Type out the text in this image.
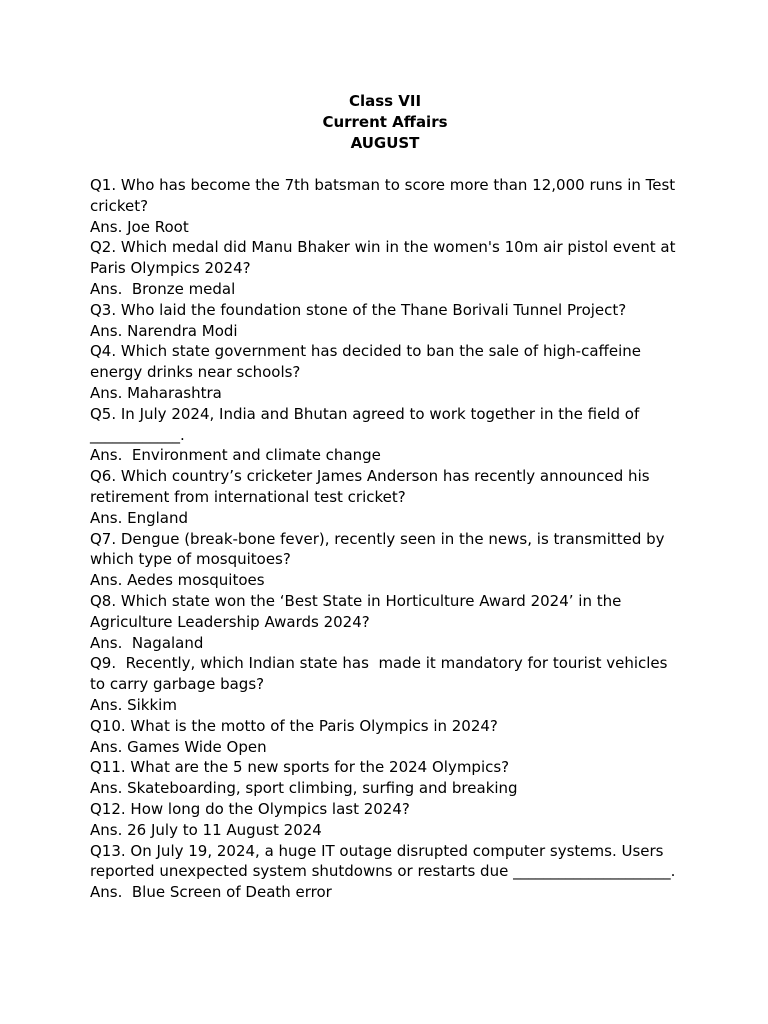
Class VII
Current Affairs
AUGUST
Q1. Who has become the 7th batsman to score more than 12,000 runs in Test cricket?
Ans. Joe Root
Q2. Which medal did Manu Bhaker win in the women's 10m air pistol event at Paris Olympics 2024?
Ans.  Bronze medal
Q3. Who laid the foundation stone of the Thane Borivali Tunnel Project?
Ans. Narendra Modi
Q4. Which state government has decided to ban the sale of high-caffeine energy drinks near schools?
Ans. Maharashtra
Q5. In July 2024, India and Bhutan agreed to work together in the field of ____________.
Ans.  Environment and climate change
Q6. Which country’s cricketer James Anderson has recently announced his retirement from international test cricket?
Ans. England
Q7. Dengue (break-bone fever), recently seen in the news, is transmitted by which type of mosquitoes?
Ans. Aedes mosquitoes
Q8. Which state won the ‘Best State in Horticulture Award 2024’ in the Agriculture Leadership Awards 2024?
Ans.  Nagaland
Q9.  Recently, which Indian state has  made it mandatory for tourist vehicles to carry garbage bags?
Ans. Sikkim
Q10. What is the motto of the Paris Olympics in 2024?
Ans. Games Wide Open
Q11. What are the 5 new sports for the 2024 Olympics?
Ans. Skateboarding, sport climbing, surfing and breaking
Q12. How long do the Olympics last 2024?
Ans. 26 July to 11 August 2024
Q13. On July 19, 2024, a huge IT outage disrupted computer systems. Users reported unexpected system shutdowns or restarts due _____________________.
Ans.  Blue Screen of Death error
